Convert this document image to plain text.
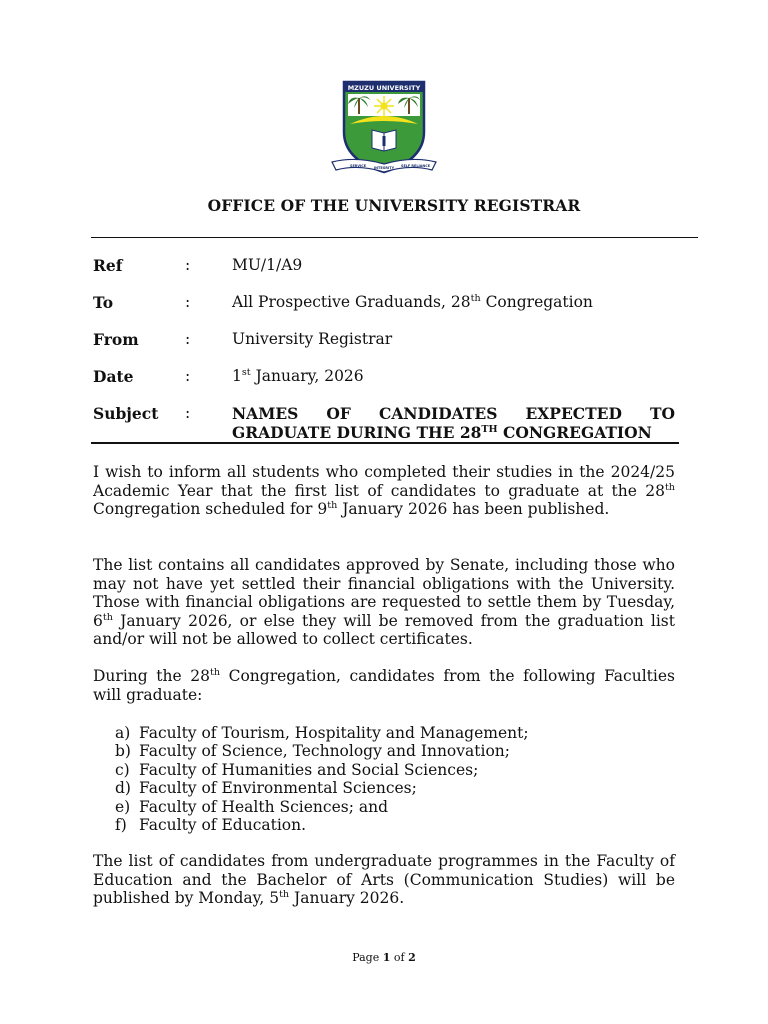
MZUZU UNIVERSITY
SERVICE INTEGRITY SELF RELIANCE
OFFICE OF THE UNIVERSITY REGISTRAR
Ref	:	MU/1/A9
To	:	All Prospective Graduands, 28th Congregation
From	:	University Registrar
Date	:	1st January, 2026
Subject :	NAMES OF CANDIDATES EXPECTED TO
GRADUATE DURING THE 28TH CONGREGATION

I wish to inform all students who completed their studies in the 2024/25 Academic Year that the first list of candidates to graduate at the 28th Congregation scheduled for 9th January 2026 has been published.

The list contains all candidates approved by Senate, including those who may not have yet settled their financial obligations with the University. Those with financial obligations are requested to settle them by Tuesday, 6th January 2026, or else they will be removed from the graduation list and/or will not be allowed to collect certificates.

During the 28th Congregation, candidates from the following Faculties will graduate:

a) Faculty of Tourism, Hospitality and Management;
b) Faculty of Science, Technology and Innovation;
c) Faculty of Humanities and Social Sciences;
d) Faculty of Environmental Sciences;
e) Faculty of Health Sciences; and
f) Faculty of Education.

The list of candidates from undergraduate programmes in the Faculty of Education and the Bachelor of Arts (Communication Studies) will be published by Monday, 5th January 2026.

Page 1 of 2
